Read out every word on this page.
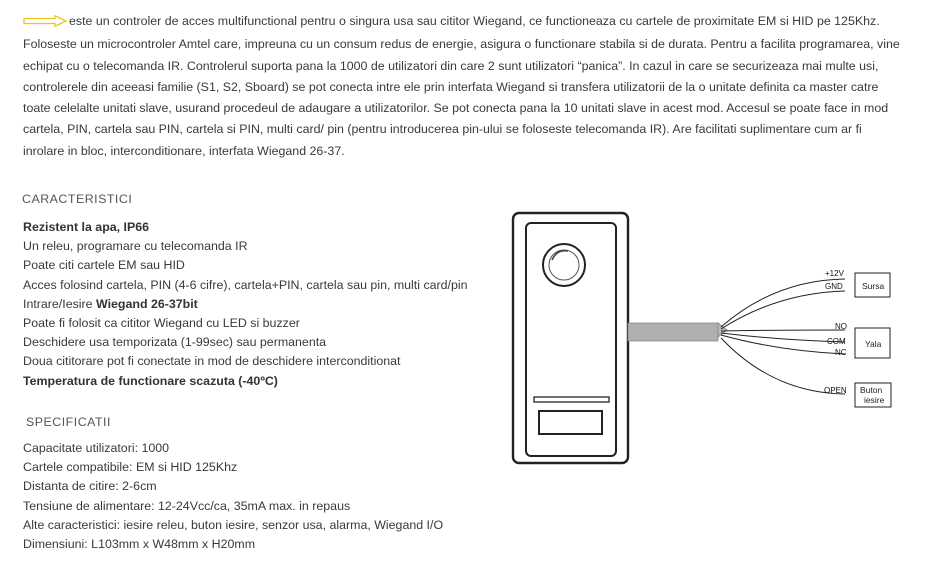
este un controler de acces multifunctional pentru o singura usa sau cititor Wiegand, ce functioneaza cu cartele de proximitate EM si HID pe 125Khz. Foloseste un microcontroler Amtel care, impreuna cu un consum redus de energie, asigura o functionare stabila si de durata. Pentru a facilita programarea, vine echipat cu o telecomanda IR. Controlerul suporta pana la 1000 de utilizatori din care 2 sunt utilizatori “panica”. In cazul in care se securizeaza mai multe usi, controlerele din aceeasi familie (S1, S2, Sboard) se pot conecta intre ele prin interfata Wiegand si transfera utilizatorii de la o unitate definita ca master catre toate celelalte unitati slave, usurand procedeul de adaugare a utilizatorilor. Se pot conecta pana la 10 unitati slave in acest mod. Accesul se poate face in mod cartela, PIN, cartela sau PIN, cartela si PIN, multi card/ pin (pentru introducerea pin-ului se foloseste telecomanda IR). Are facilitati suplimentare cum ar fi inrolare in bloc, interconditionare, interfata Wiegand 26-37.

CARACTERISTICI
Rezistent la apa, IP66
Un releu, programare cu telecomanda IR
Poate citi cartele EM sau HID
Acces folosind cartela, PIN (4-6 cifre), cartela+PIN, cartela sau pin, multi card/pin
Intrare/Iesire Wiegand 26-37bit
Poate fi folosit ca cititor Wiegand cu LED si buzzer
Deschidere usa temporizata (1-99sec) sau permanenta
Doua cititorare pot fi conectate in mod de deschidere interconditionat
Temperatura de functionare scazuta (-40ºC)
SPECIFICATII
Capacitate utilizatori: 1000
Cartele compatibile: EM si HID 125Khz
Distanta de citire: 2-6cm
Tensiune de alimentare: 12-24Vcc/ca, 35mA max. in repaus
Alte caracteristici: iesire releu, buton iesire, senzor usa, alarma, Wiegand I/O
Dimensiuni: L103mm x W48mm x H20mm
+12V
GND
NO
COM
NC
OPEN
Sursa
Yala
Buton
iesire
